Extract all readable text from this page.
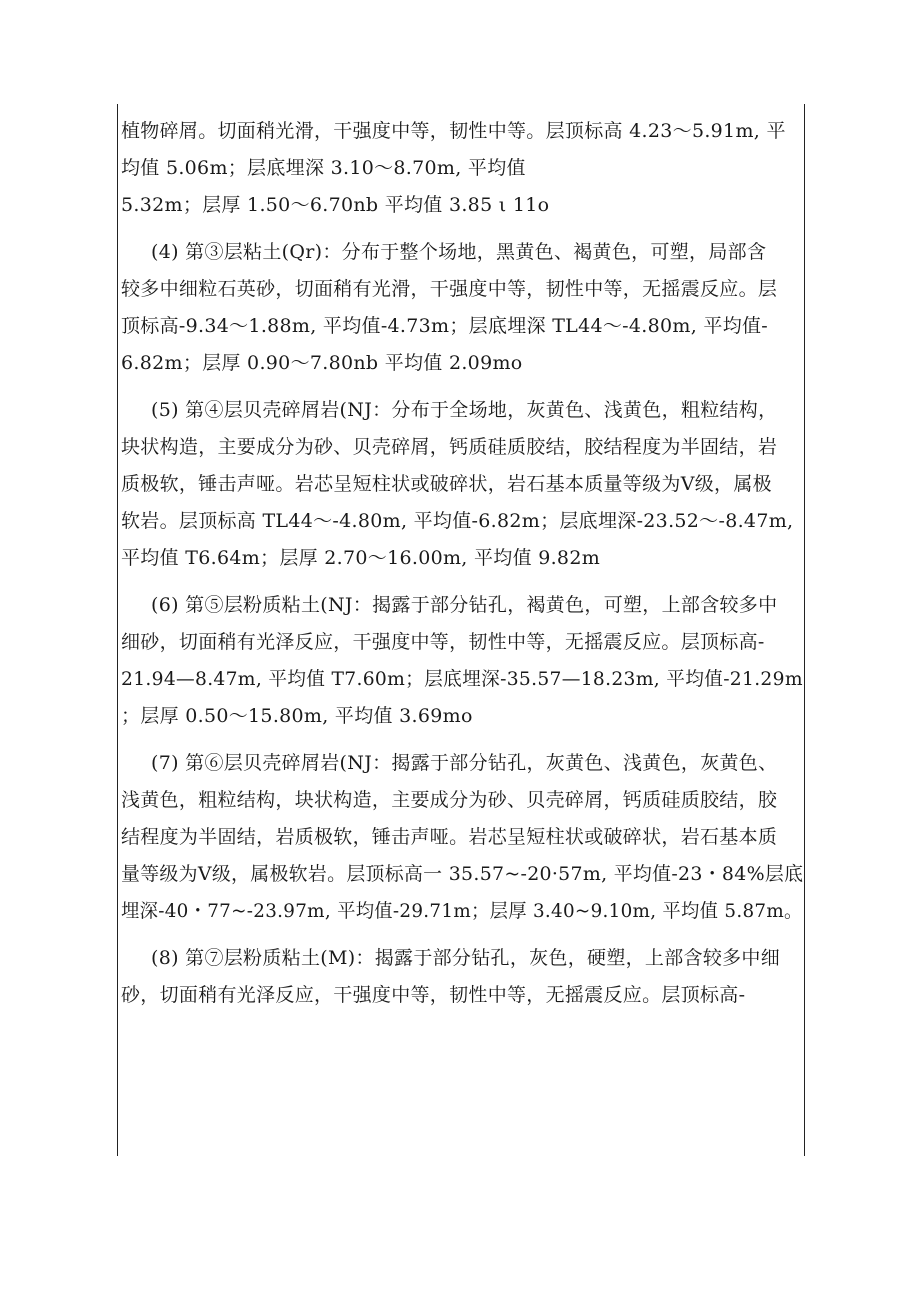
植物碎屑。切面稍光滑，干强度中等，韧性中等。层顶标高 4.23～5.91m, 平
均值 5.06m；层底埋深 3.10～8.70m, 平均值
5.32m；层厚 1.50～6.70nb 平均值 3.85 ι 11o
(4) 第③层粘土(Qr)：分布于整个场地，黑黄色、褐黄色，可塑，局部含
较多中细粒石英砂，切面稍有光滑，干强度中等，韧性中等，无摇震反应。层
顶标高-9.34～1.88m, 平均值-4.73m；层底埋深 TL44～-4.80m, 平均值-
6.82m；层厚 0.90～7.80nb 平均值 2.09mo
(5) 第④层贝壳碎屑岩(NJ：分布于全场地，灰黄色、浅黄色，粗粒结构，
块状构造，主要成分为砂、贝壳碎屑，钙质硅质胶结，胶结程度为半固结，岩
质极软，锤击声哑。岩芯呈短柱状或破碎状，岩石基本质量等级为Ⅴ级，属极
软岩。层顶标高 TL44～-4.80m, 平均值-6.82m；层底埋深-23.52～-8.47m,
平均值 T6.64m；层厚 2.70～16.00m, 平均值 9.82m
(6) 第⑤层粉质粘土(NJ：揭露于部分钻孔，褐黄色，可塑，上部含较多中
细砂，切面稍有光泽反应，干强度中等，韧性中等，无摇震反应。层顶标高-
21.94—8.47m, 平均值 T7.60m；层底埋深-35.57—18.23m, 平均值-21.29m
；层厚 0.50～15.80m, 平均值 3.69mo
(7) 第⑥层贝壳碎屑岩(NJ：揭露于部分钻孔，灰黄色、浅黄色，灰黄色、
浅黄色，粗粒结构，块状构造，主要成分为砂、贝壳碎屑，钙质硅质胶结，胶
结程度为半固结，岩质极软，锤击声哑。岩芯呈短柱状或破碎状，岩石基本质
量等级为Ⅴ级，属极软岩。层顶标高一 35.57~-20·57m, 平均值-23・84%层底
埋深-40・77~-23.97m, 平均值-29.71m；层厚 3.40~9.10m, 平均值 5.87m。
(8) 第⑦层粉质粘土(M)：揭露于部分钻孔，灰色，硬塑，上部含较多中细
砂，切面稍有光泽反应，干强度中等，韧性中等，无摇震反应。层顶标高-
